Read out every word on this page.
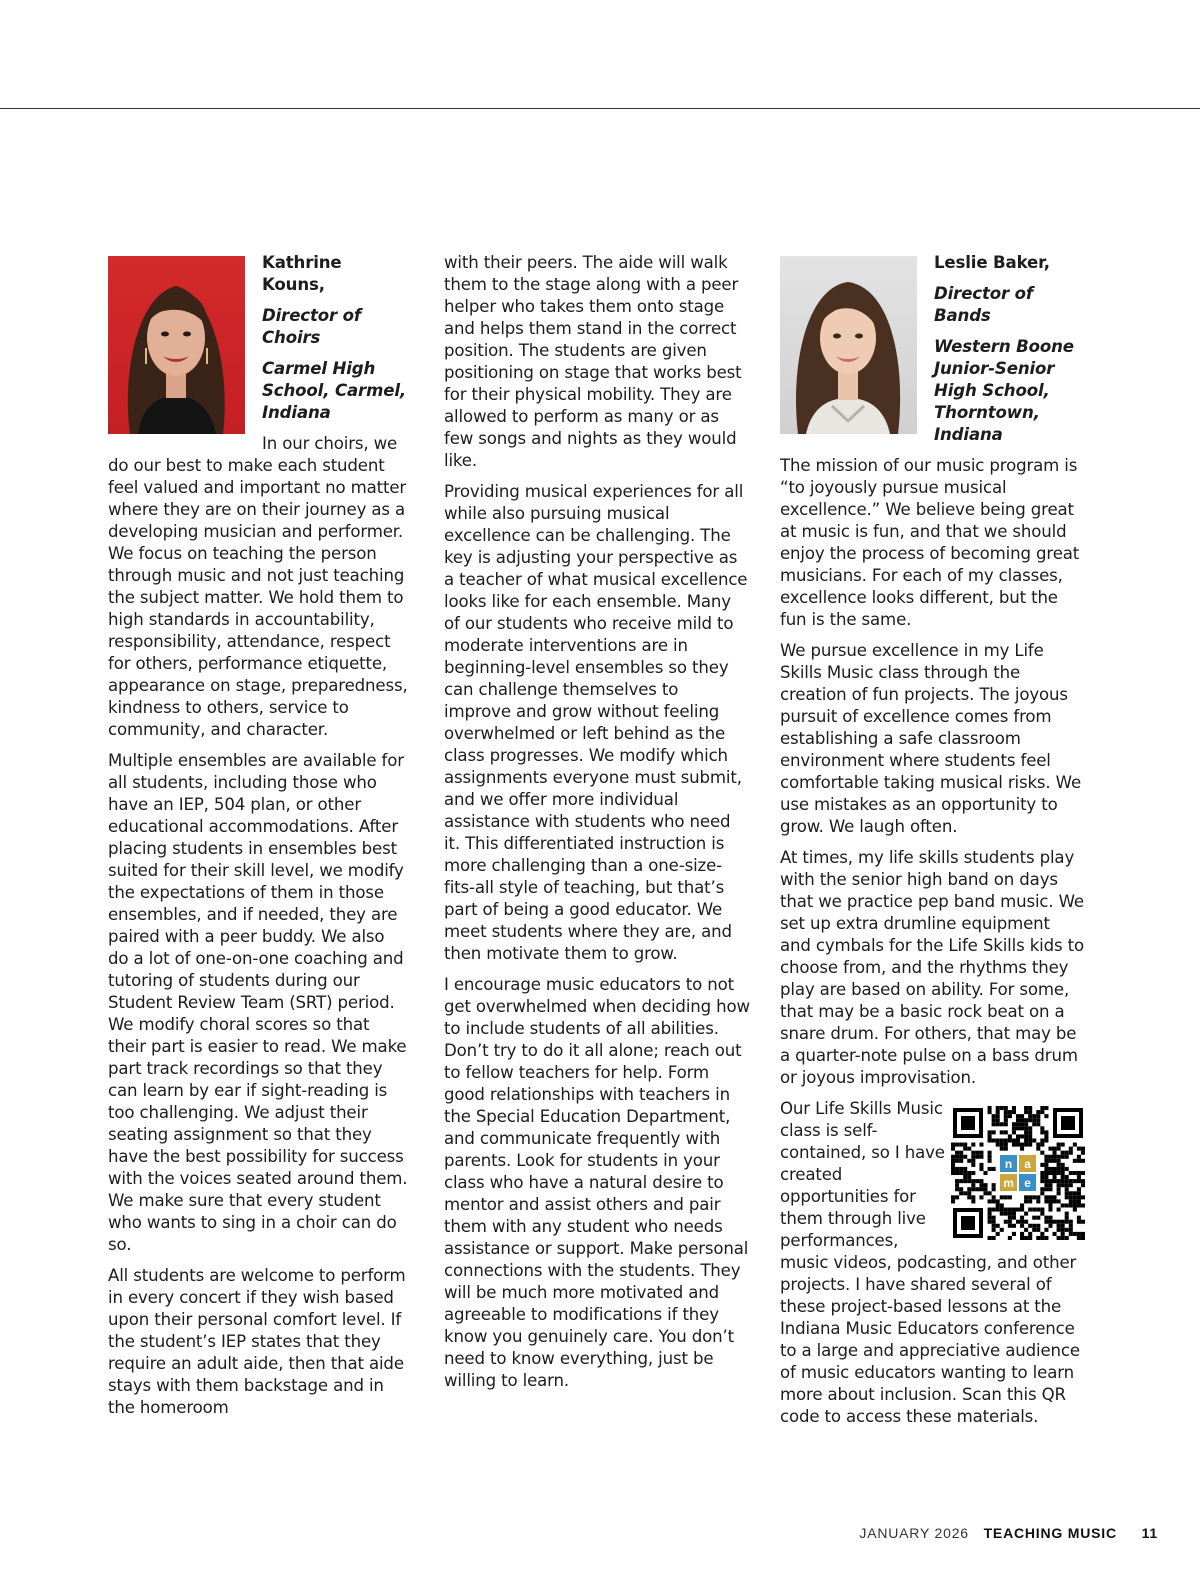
Kathrine Kouns,

Director of Choirs

Carmel High School, Carmel, Indiana

In our choirs, we do our best to make each student feel valued and important no matter where they are on their journey as a developing musician and performer. We focus on teaching the person through music and not just teaching the subject matter. We hold them to high standards in accountability, responsibility, attendance, respect for others, performance etiquette, appearance on stage, preparedness, kindness to others, service to community, and character.

Multiple ensembles are available for all students, including those who have an IEP, 504 plan, or other educational accommodations. After placing students in ensembles best suited for their skill level, we modify the expectations of them in those ensembles, and if needed, they are paired with a peer buddy. We also do a lot of one-on-one coaching and tutoring of students during our Student Review Team (SRT) period. We modify choral scores so that their part is easier to read. We make part track recordings so that they can learn by ear if sight-reading is too challenging. We adjust their seating assignment so that they have the best possibility for success with the voices seated around them. We make sure that every student who wants to sing in a choir can do so.

All students are welcome to perform in every concert if they wish based upon their personal comfort level. If the student’s IEP states that they require an adult aide, then that aide stays with them backstage and in the homeroom

with their peers. The aide will walk them to the stage along with a peer helper who takes them onto stage and helps them stand in the correct position. The students are given positioning on stage that works best for their physical mobility. They are allowed to perform as many or as few songs and nights as they would like.

Providing musical experiences for all while also pursuing musical excellence can be challenging. The key is adjusting your perspective as a teacher of what musical excellence looks like for each ensemble. Many of our students who receive mild to moderate interventions are in beginning-level ensembles so they can challenge themselves to improve and grow without feeling overwhelmed or left behind as the class progresses. We modify which assignments everyone must submit, and we offer more individual assistance with students who need it. This differentiated instruction is more challenging than a one-size-fits-all style of teaching, but that’s part of being a good educator. We meet students where they are, and then motivate them to grow.

I encourage music educators to not get overwhelmed when deciding how to include students of all abilities. Don’t try to do it all alone; reach out to fellow teachers for help. Form good relationships with teachers in the Special Education Department, and communicate frequently with parents. Look for students in your class who have a natural desire to mentor and assist others and pair them with any student who needs assistance or support. Make personal connections with the students. They will be much more motivated and agreeable to modifications if they know you genuinely care. You don’t need to know everything, just be willing to learn.

Leslie Baker,

Director of Bands

Western Boone Junior-Senior High School, Thorntown, Indiana

The mission of our music program is “to joyously pursue musical excellence.” We believe being great at music is fun, and that we should enjoy the process of becoming great musicians. For each of my classes, excellence looks different, but the fun is the same.

We pursue excellence in my Life Skills Music class through the creation of fun projects. The joyous pursuit of excellence comes from establishing a safe classroom environment where students feel comfortable taking musical risks. We use mistakes as an opportunity to grow. We laugh often.

At times, my life skills students play with the senior high band on days that we practice pep band music. We set up extra drumline equipment and cymbals for the Life Skills kids to choose from, and the rhythms they play are based on ability. For some, that may be a basic rock beat on a snare drum. For others, that may be a quarter-note pulse on a bass drum or joyous improvisation.

n a
m e

Our Life Skills Music class is self-contained, so I have created opportunities for them through live performances, music videos, podcasting, and other projects. I have shared several of these project-based lessons at the Indiana Music Educators conference to a large and appreciative audience of music educators wanting to learn more about inclusion. Scan this QR code to access these materials.

JANUARY 2026 TEACHING MUSIC 11
